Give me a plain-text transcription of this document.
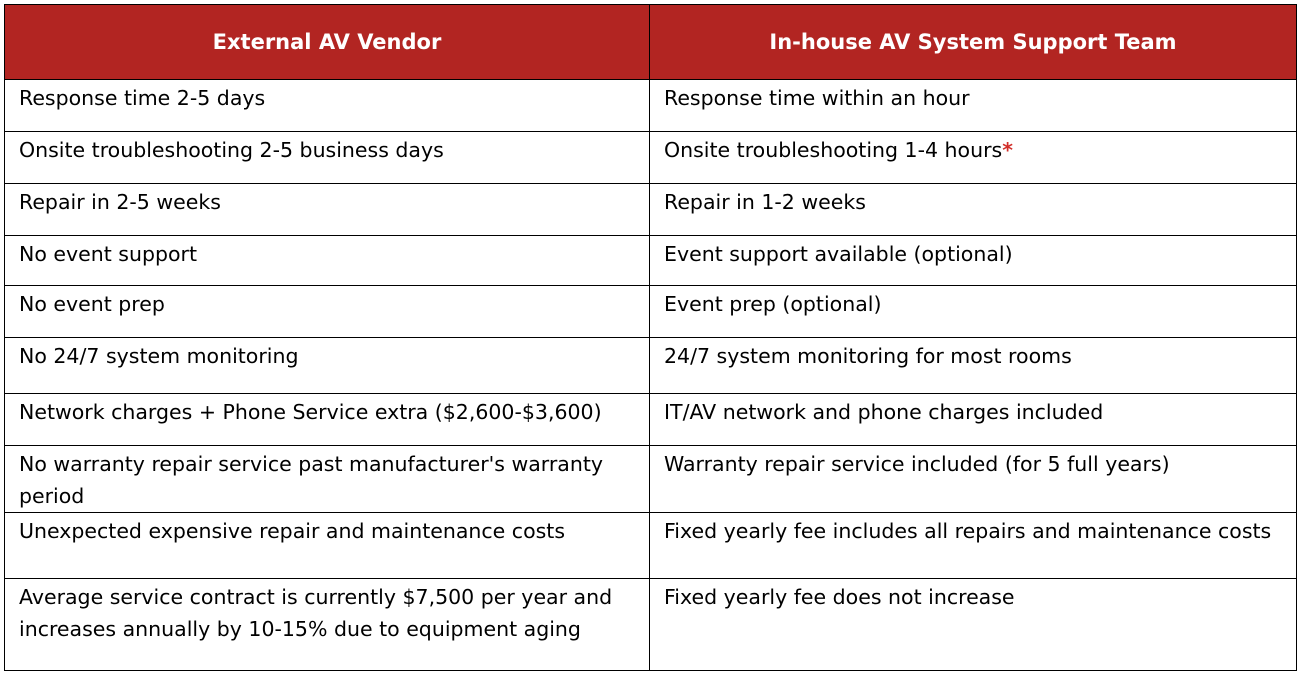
External AV Vendor	In-house AV System Support Team
Response time 2-5 days	Response time within an hour
Onsite troubleshooting 2-5 business days	Onsite troubleshooting 1-4 hours*
Repair in 2-5 weeks	Repair in 1-2 weeks
No event support	Event support available (optional)
No event prep	Event prep (optional)
No 24/7 system monitoring	24/7 system monitoring for most rooms
Network charges + Phone Service extra ($2,600-$3,600)	IT/AV network and phone charges included
No warranty repair service past manufacturer's warranty period	Warranty repair service included (for 5 full years)
Unexpected expensive repair and maintenance costs	Fixed yearly fee includes all repairs and maintenance costs
Average service contract is currently $7,500 per year and increases annually by 10-15% due to equipment aging	Fixed yearly fee does not increase
